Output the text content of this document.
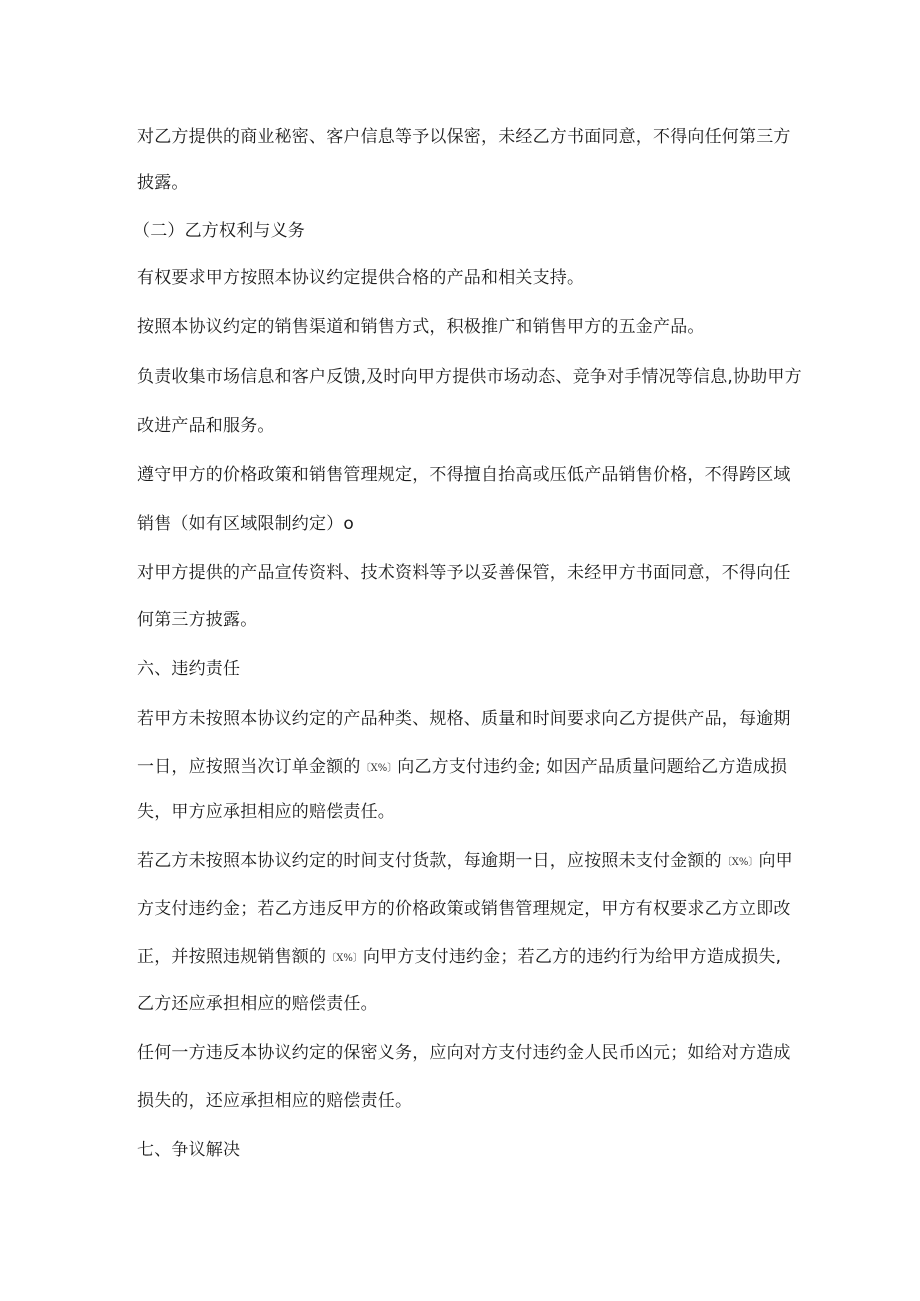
对乙方提供的商业秘密、客户信息等予以保密，未经乙方书面同意，不得向任何第三方
披露。
（二）乙方权利与义务
有权要求甲方按照本协议约定提供合格的产品和相关支持。
按照本协议约定的销售渠道和销售方式，积极推广和销售甲方的五金产品。
负责收集市场信息和客户反馈,及时向甲方提供市场动态、竞争对手情况等信息,协助甲方
改进产品和服务。
遵守甲方的价格政策和销售管理规定，不得擅自抬高或压低产品销售价格，不得跨区域
销售（如有区域限制约定）o
对甲方提供的产品宣传资料、技术资料等予以妥善保管，未经甲方书面同意，不得向任
何第三方披露。
六、违约责任
若甲方未按照本协议约定的产品种类、规格、质量和时间要求向乙方提供产品，每逾期
一日，应按照当次订单金额的〔X%〕向乙方支付违约金; 如因产品质量问题给乙方造成损
失，甲方应承担相应的赔偿责任。
若乙方未按照本协议约定的时间支付货款，每逾期一日，应按照未支付金额的〔X%〕向甲
方支付违约金；若乙方违反甲方的价格政策或销售管理规定，甲方有权要求乙方立即改
正，并按照违规销售额的〔X%〕向甲方支付违约金；若乙方的违约行为给甲方造成损失,
乙方还应承担相应的赔偿责任。
任何一方违反本协议约定的保密义务，应向对方支付违约金人民币凶元；如给对方造成
损失的，还应承担相应的赔偿责任。
七、争议解决
